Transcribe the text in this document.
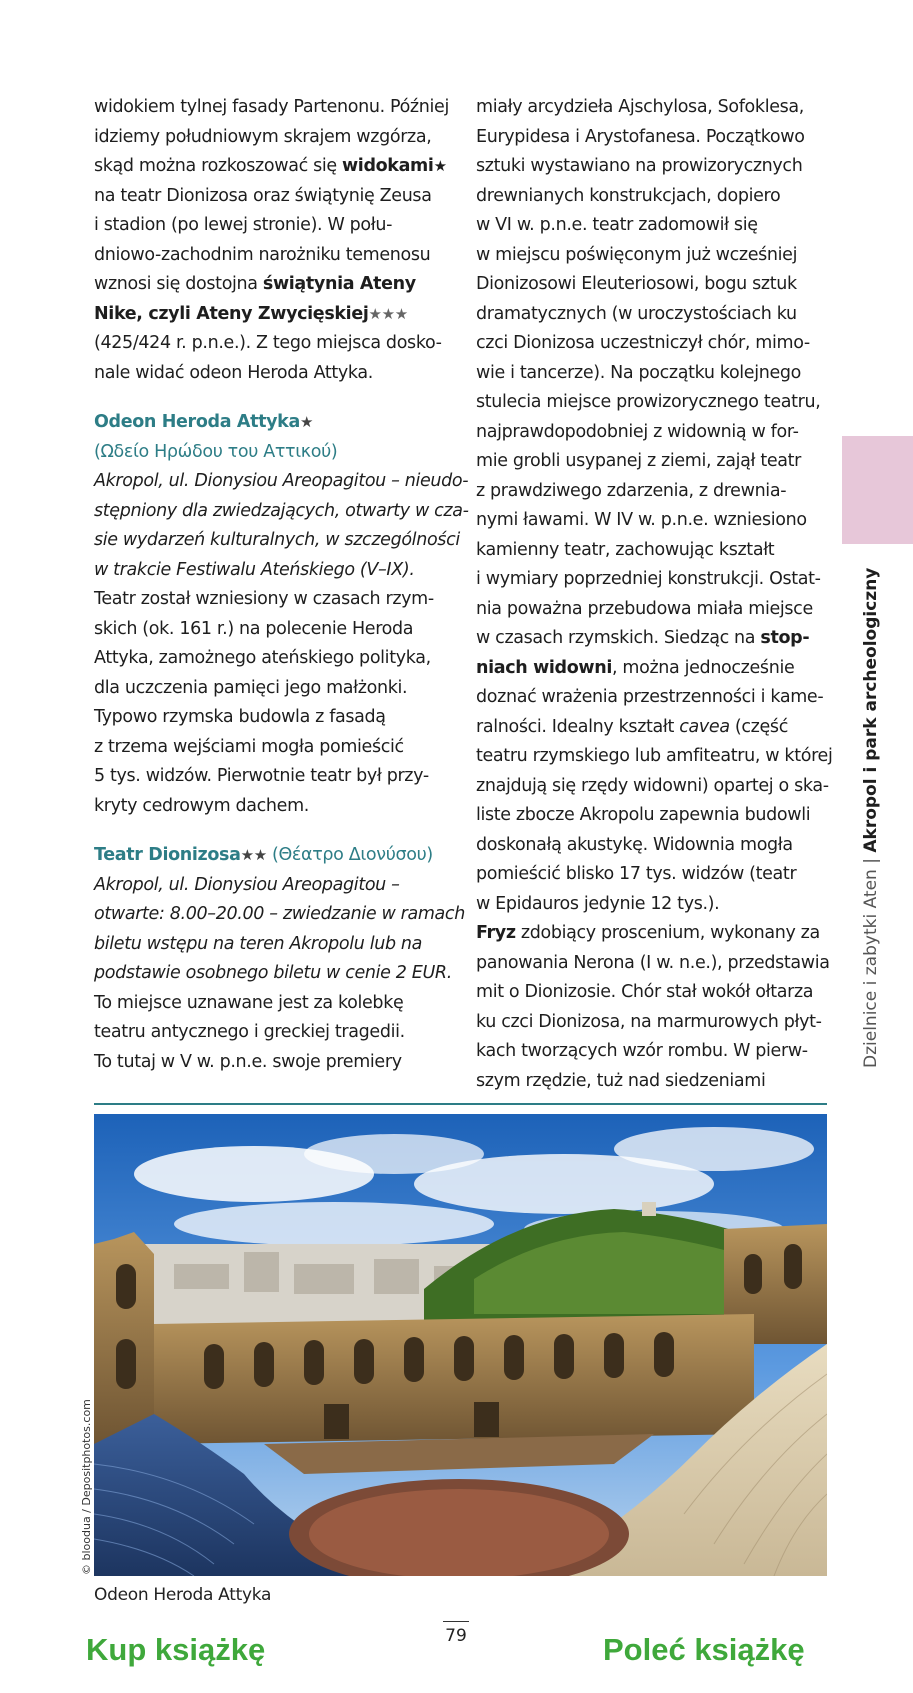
widokiem tylnej fasady Partenonu. Później
idziemy południowym skrajem wzgórza,
skąd można rozkoszować się widokami★
na teatr Dionizosa oraz świątynię Zeusa
i stadion (po lewej stronie). W połu-
dniowo-zachodnim narożniku temenosu
wznosi się dostojna świątynia Ateny
Nike, czyli Ateny Zwycięskiej★★★
(425/424 r. p.n.e.). Z tego miejsca dosko-
nale widać odeon Heroda Attyka.
Odeon Heroda Attyka★
(Ωδείο Ηρώδου του Αττικού)
Akropol, ul. Dionysiou Areopagitou – nieudo-
stępniony dla zwiedzających, otwarty w cza-
sie wydarzeń kulturalnych, w szczególności
w trakcie Festiwalu Ateńskiego (V–IX).
Teatr został wzniesiony w czasach rzym-
skich (ok. 161 r.) na polecenie Heroda
Attyka, zamożnego ateńskiego polityka,
dla uczczenia pamięci jego małżonki.
Typowo rzymska budowla z fasadą
z trzema wejściami mogła pomieścić
5 tys. widzów. Pierwotnie teatr był przy-
kryty cedrowym dachem.
Teatr Dionizosa★★ (Θέατρο Διονύσου)
Akropol, ul. Dionysiou Areopagitou –
otwarte: 8.00–20.00 – zwiedzanie w ramach
biletu wstępu na teren Akropolu lub na
podstawie osobnego biletu w cenie 2 EUR.
To miejsce uznawane jest za kolebkę
teatru antycznego i greckiej tragedii.
To tutaj w V w. p.n.e. swoje premiery
miały arcydzieła Ajschylosa, Sofoklesa,
Eurypidesa i Arystofanesa. Początkowo
sztuki wystawiano na prowizorycznych
drewnianych konstrukcjach, dopiero
w VI w. p.n.e. teatr zadomowił się
w miejscu poświęconym już wcześniej
Dionizosowi Eleuteriosowi, bogu sztuk
dramatycznych (w uroczystościach ku
czci Dionizosa uczestniczył chór, mimo-
wie i tancerze). Na początku kolejnego
stulecia miejsce prowizorycznego teatru,
najprawdopodobniej z widownią w for-
mie grobli usypanej z ziemi, zajął teatr
z prawdziwego zdarzenia, z drewnia-
nymi ławami. W IV w. p.n.e. wzniesiono
kamienny teatr, zachowując kształt
i wymiary poprzedniej konstrukcji. Ostat-
nia poważna przebudowa miała miejsce
w czasach rzymskich. Siedząc na stop-
niach widowni, można jednocześnie
doznać wrażenia przestrzenności i kame-
ralności. Idealny kształt cavea (część
teatru rzymskiego lub amfiteatru, w której
znajdują się rzędy widowni) opartej o ska-
liste zbocze Akropolu zapewnia budowli
doskonałą akustykę. Widownia mogła
pomieścić blisko 17 tys. widzów (teatr
w Epidauros jedynie 12 tys.).
Fryz zdobiący proscenium, wykonany za
panowania Nerona (I w. n.e.), przedstawia
mit o Dionizosie. Chór stał wokół ołtarza
ku czci Dionizosa, na marmurowych płyt-
kach tworzących wzór rombu. W pierw-
szym rzędzie, tuż nad siedzeniami
Dzielnice i zabytki Aten | Akropol i park archeologiczny
© bloodua / Depositphotos.com
Odeon Heroda Attyka
79
Kup książkę	Poleć książkę
